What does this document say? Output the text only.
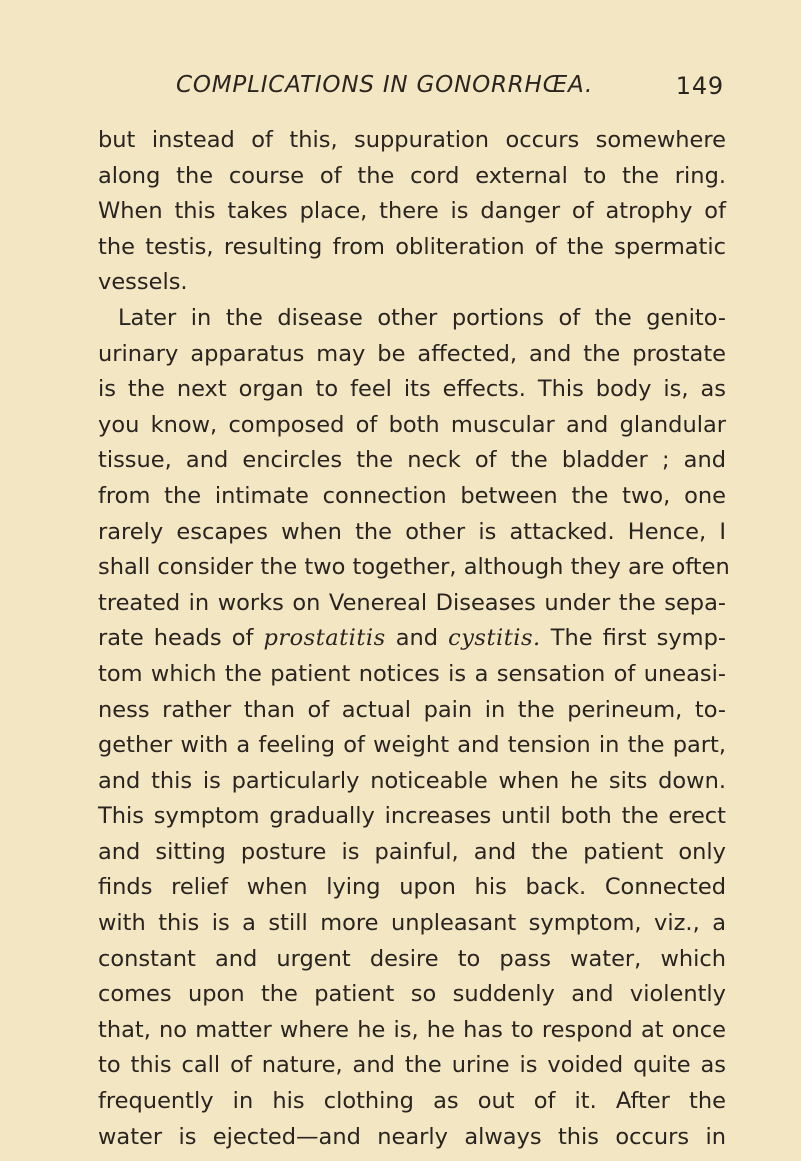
COMPLICATIONS IN GONORRHŒA.	149
but instead of this, suppuration occurs somewhere
along the course of the cord external to the ring.
When this takes place, there is danger of atrophy of
the testis, resulting from obliteration of the spermatic
vessels.
Later in the disease other portions of the genito-
urinary apparatus may be affected, and the prostate
is the next organ to feel its effects. This body is, as
you know, composed of both muscular and glandular
tissue, and encircles the neck of the bladder ; and
from the intimate connection between the two, one
rarely escapes when the other is attacked. Hence, I
shall consider the two together, although they are often
treated in works on Venereal Diseases under the sepa-
rate heads of prostatitis and cystitis. The first symp-
tom which the patient notices is a sensation of uneasi-
ness rather than of actual pain in the perineum, to-
gether with a feeling of weight and tension in the part,
and this is particularly noticeable when he sits down.
This symptom gradually increases until both the erect
and sitting posture is painful, and the patient only
finds relief when lying upon his back. Connected
with this is a still more unpleasant symptom, viz., a
constant and urgent desire to pass water, which
comes upon the patient so suddenly and violently
that, no matter where he is, he has to respond at once
to this call of nature, and the urine is voided quite as
frequently in his clothing as out of it. After the
water is ejected—and nearly always this occurs in
